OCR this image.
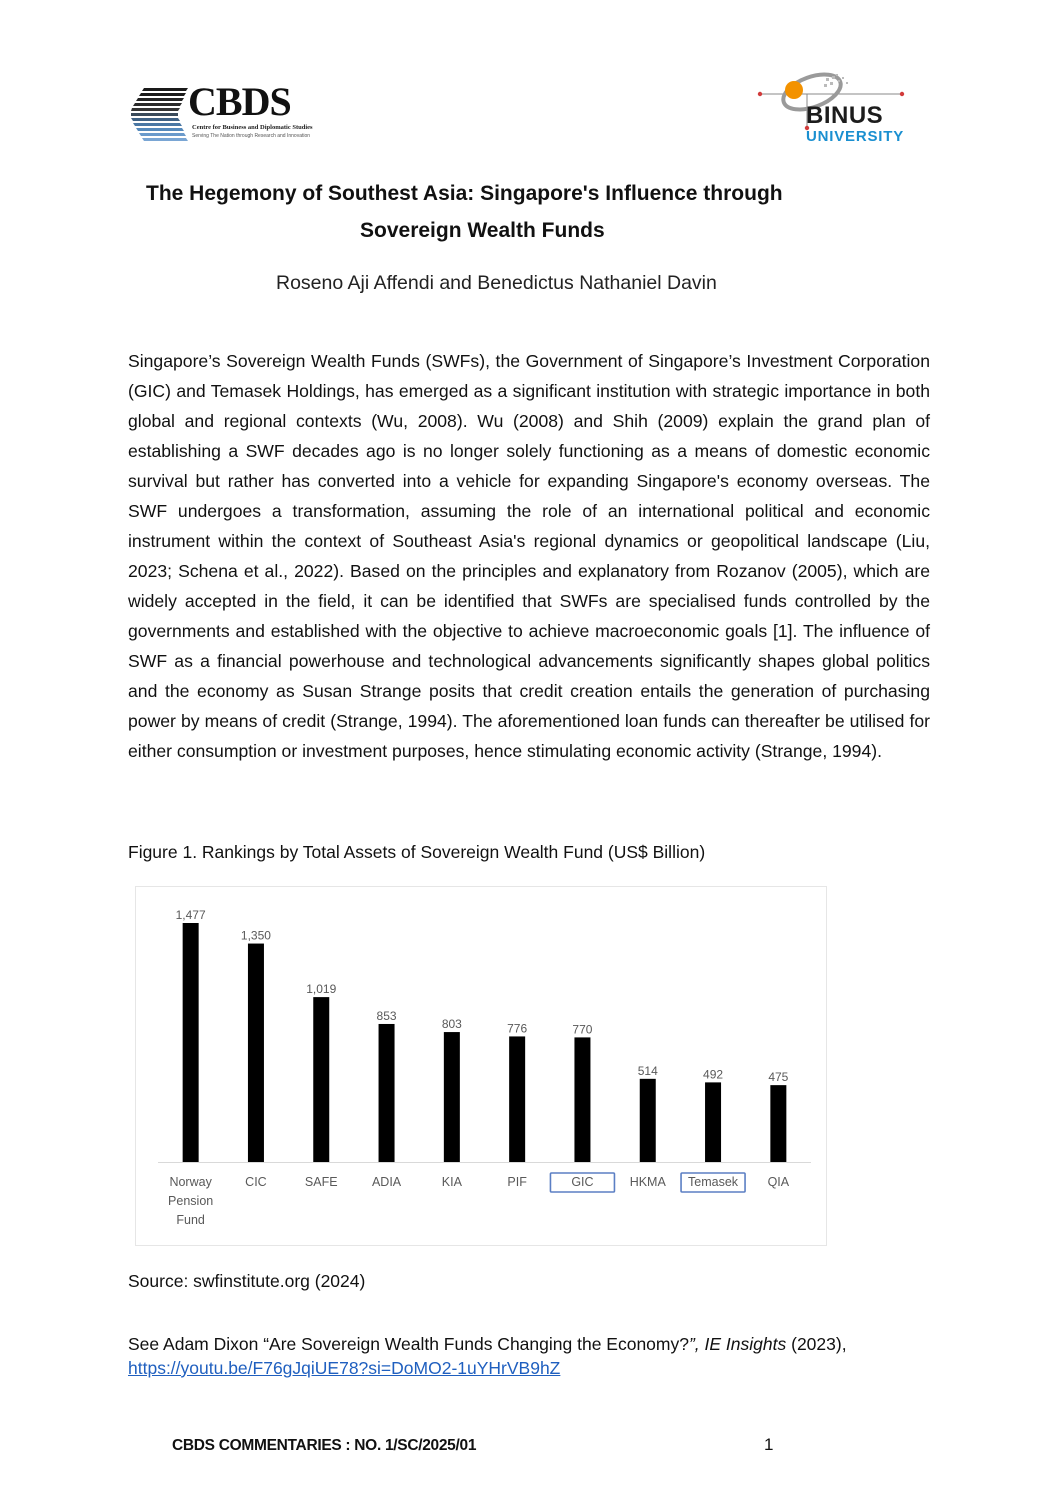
CBDS
Centre for Business and Diplomatic Studies
Serving The Nation through Research and Innovation
BINUS
UNIVERSITY
The Hegemony of Southest Asia: Singapore's Influence through
Sovereign Wealth Funds
Roseno Aji Affendi and Benedictus Nathaniel Davin
Singapore’s Sovereign Wealth Funds (SWFs), the Government of Singapore’s Investment Corporation (GIC) and Temasek Holdings, has emerged as a significant institution with strategic importance in both global and regional contexts (Wu, 2008). Wu (2008) and Shih (2009) explain the grand plan of establishing a SWF decades ago is no longer solely functioning as a means of domestic economic survival but rather has converted into a vehicle for expanding Singapore's economy overseas. The SWF undergoes a transformation, assuming the role of an international political and economic instrument within the context of Southeast Asia's regional dynamics or geopolitical landscape (Liu, 2023; Schena et al., 2022). Based on the principles and explanatory from Rozanov (2005), which are widely accepted in the field, it can be identified that SWFs are specialised funds controlled by the governments and established with the objective to achieve macroeconomic goals [1]. The influence of SWF as a financial powerhouse and technological advancements significantly shapes global politics and the economy as Susan Strange posits that credit creation entails the generation of purchasing power by means of credit (Strange, 1994). The aforementioned loan funds can thereafter be utilised for either consumption or investment purposes, hence stimulating economic activity (Strange, 1994).
Figure 1. Rankings by Total Assets of Sovereign Wealth Fund (US$ Billion)
1,477
Norway
Pension
Fund
1,350
CIC
1,019
SAFE
853
ADIA
803
KIA
776
PIF
770
GIC
514
HKMA
492
Temasek
475
QIA
Source: swfinstitute.org (2024)
See Adam Dixon “Are Sovereign Wealth Funds Changing the Economy?”, IE Insights (2023),
https://youtu.be/F76gJqiUE78?si=DoMO2-1uYHrVB9hZ
CBDS COMMENTARIES : NO. 1/SC/2025/01	1
